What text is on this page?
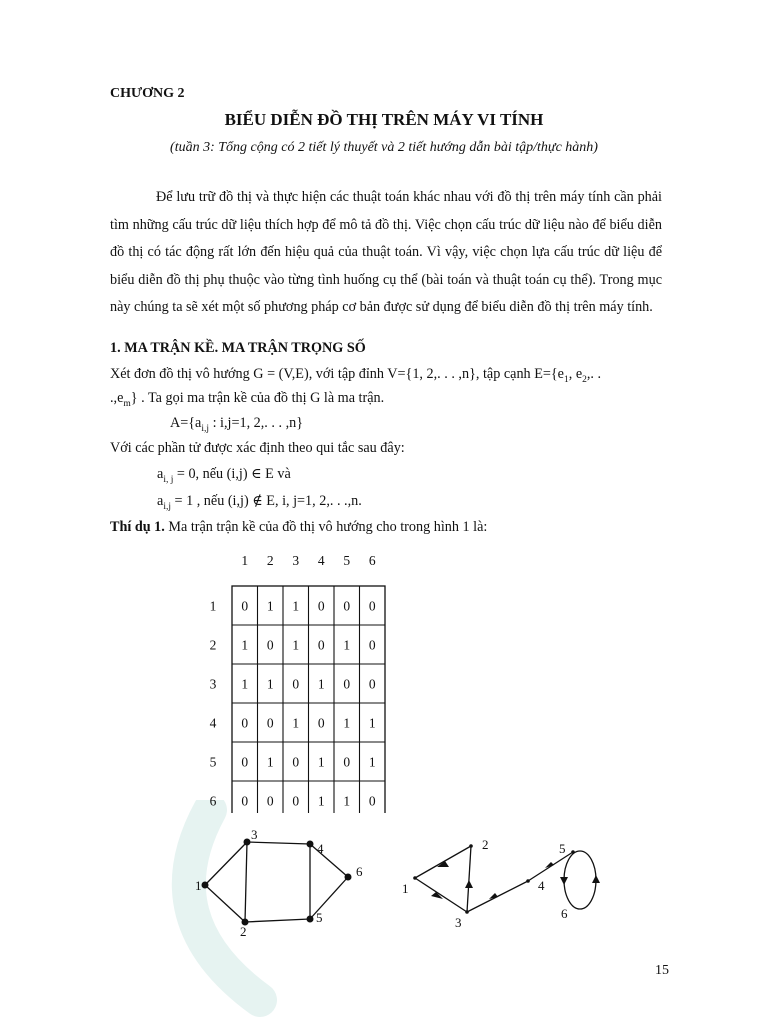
CHƯƠNG 2
BIỂU DIỄN ĐỒ THỊ TRÊN MÁY VI TÍNH
(tuần 3: Tổng cộng có 2 tiết lý thuyết và 2 tiết hướng dẫn bài tập/thực hành)
Để lưu trữ đồ thị và thực hiện các thuật toán khác nhau với đồ thị trên máy tính cần phải tìm những cấu trúc dữ liệu thích hợp để mô tả đồ thị. Việc chọn cấu trúc dữ liệu nào để biểu diễn đồ thị có tác động rất lớn đến hiệu quả của thuật toán. Vì vậy, việc chọn lựa cấu trúc dữ liệu để biểu diễn đồ thị phụ thuộc vào từng tình huống cụ thể (bài toán và thuật toán cụ thể). Trong mục này chúng ta sẽ xét một số phương pháp cơ bản được sử dụng để biểu diễn đồ thị trên máy tính.
1. MA TRẬN KỀ. MA TRẬN TRỌNG SỐ
Xét đơn đồ thị vô hướng G = (V,E), với tập đỉnh V={1, 2,. . . ,n}, tập cạnh $E=\{e_1$, $e_2$,. .
$.,e_m$} . Ta gọi ma trận kề của đồ thị G là ma trận.
$A=\{a_{i,j}$ : i,j=1, 2,. . . ,n}
Với các phần tử được xác định theo qui tắc sau đây:
$a_{i, j} = 0$, nếu (i,j) ∈ E và
$a_{i,j} = 1$ , nếu (i,j) ∉ E, i, j=1, 2,. . .,n.
Thí dụ 1. Ma trận trận kề của đồ thị vô hướng cho trong hình 1 là:
1 2 3 4 5 6
1
2
3
4
5
6
0 1 1 0 0 0
1 0 1 0 1 0
1 1 0 1 0 0
0 0 1 0 1 1
0 1 0 1 0 1
0 0 0 1 1 0
1
2
3
4
5
6
1
2
3
4
5
6
15
